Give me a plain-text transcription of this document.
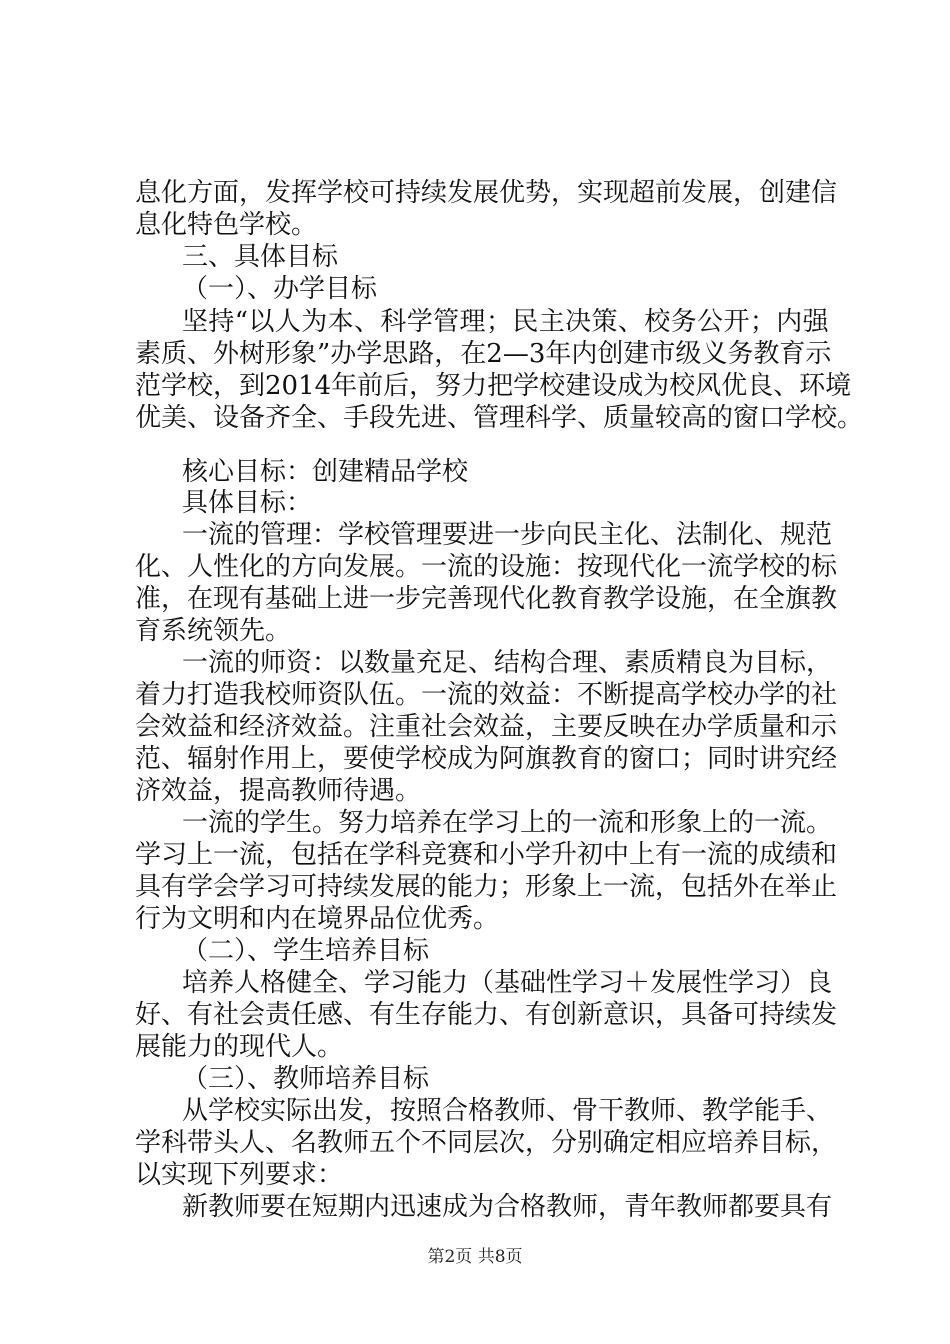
息化方面，发挥学校可持续发展优势，实现超前发展，创建信
息化特色学校。
三、具体目标
（一）、办学目标
坚持“以人为本、科学管理；民主决策、校务公开；内强
素质、外树形象”办学思路，在2—3年内创建市级义务教育示
范学校，到2014年前后，努力把学校建设成为校风优良、环境
优美、设备齐全、手段先进、管理科学、质量较高的窗口学校。
核心目标：创建精品学校
具体目标：
一流的管理：学校管理要进一步向民主化、法制化、规范
化、人性化的方向发展。一流的设施：按现代化一流学校的标
准，在现有基础上进一步完善现代化教育教学设施，在全旗教
育系统领先。
一流的师资：以数量充足、结构合理、素质精良为目标，
着力打造我校师资队伍。一流的效益：不断提高学校办学的社
会效益和经济效益。注重社会效益，主要反映在办学质量和示
范、辐射作用上，要使学校成为阿旗教育的窗口；同时讲究经
济效益，提高教师待遇。
一流的学生。努力培养在学习上的一流和形象上的一流。
学习上一流，包括在学科竞赛和小学升初中上有一流的成绩和
具有学会学习可持续发展的能力；形象上一流，包括外在举止
行为文明和内在境界品位优秀。
（二）、学生培养目标
培养人格健全、学习能力（基础性学习＋发展性学习）良
好、有社会责任感、有生存能力、有创新意识，具备可持续发
展能力的现代人。
（三）、教师培养目标
从学校实际出发，按照合格教师、骨干教师、教学能手、
学科带头人、名教师五个不同层次，分别确定相应培养目标，
以实现下列要求：
新教师要在短期内迅速成为合格教师，青年教师都要具有
第2页 共8页
